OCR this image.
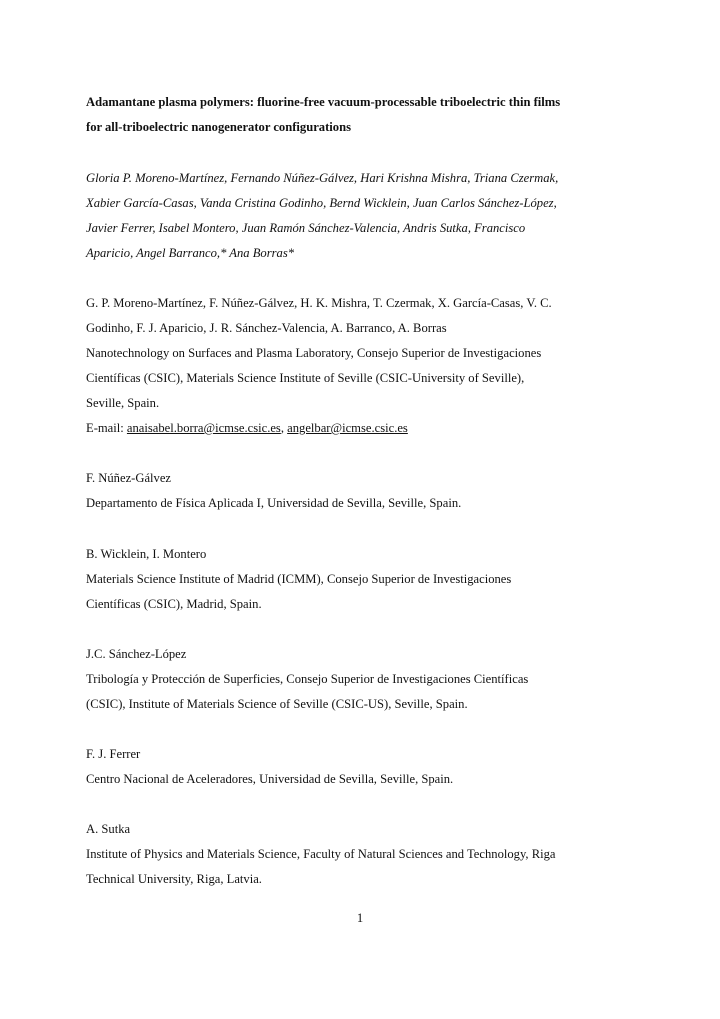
Adamantane plasma polymers: fluorine-free vacuum-processable triboelectric thin films
for all-triboelectric nanogenerator configurations
Gloria P. Moreno-Martínez, Fernando Núñez-Gálvez, Hari Krishna Mishra, Triana Czermak,
Xabier García-Casas, Vanda Cristina Godinho, Bernd Wicklein, Juan Carlos Sánchez-López,
Javier Ferrer, Isabel Montero, Juan Ramón Sánchez-Valencia, Andris Sutka, Francisco
Aparicio, Angel Barranco,* Ana Borras*
G. P. Moreno-Martínez, F. Núñez-Gálvez, H. K. Mishra, T. Czermak, X. García-Casas, V. C.
Godinho, F. J. Aparicio, J. R. Sánchez-Valencia, A. Barranco, A. Borras
Nanotechnology on Surfaces and Plasma Laboratory, Consejo Superior de Investigaciones
Científicas (CSIC), Materials Science Institute of Seville (CSIC-University of Seville),
Seville, Spain.
E-mail: anaisabel.borra@icmse.csic.es, angelbar@icmse.csic.es
F. Núñez-Gálvez
Departamento de Física Aplicada I, Universidad de Sevilla, Seville, Spain.
B. Wicklein, I. Montero
Materials Science Institute of Madrid (ICMM), Consejo Superior de Investigaciones
Científicas (CSIC), Madrid, Spain.
J.C. Sánchez-López
Tribología y Protección de Superficies, Consejo Superior de Investigaciones Científicas
(CSIC), Institute of Materials Science of Seville (CSIC-US), Seville, Spain.
F. J. Ferrer
Centro Nacional de Aceleradores, Universidad de Sevilla, Seville, Spain.
A. Sutka
Institute of Physics and Materials Science, Faculty of Natural Sciences and Technology, Riga
Technical University, Riga, Latvia.
1
